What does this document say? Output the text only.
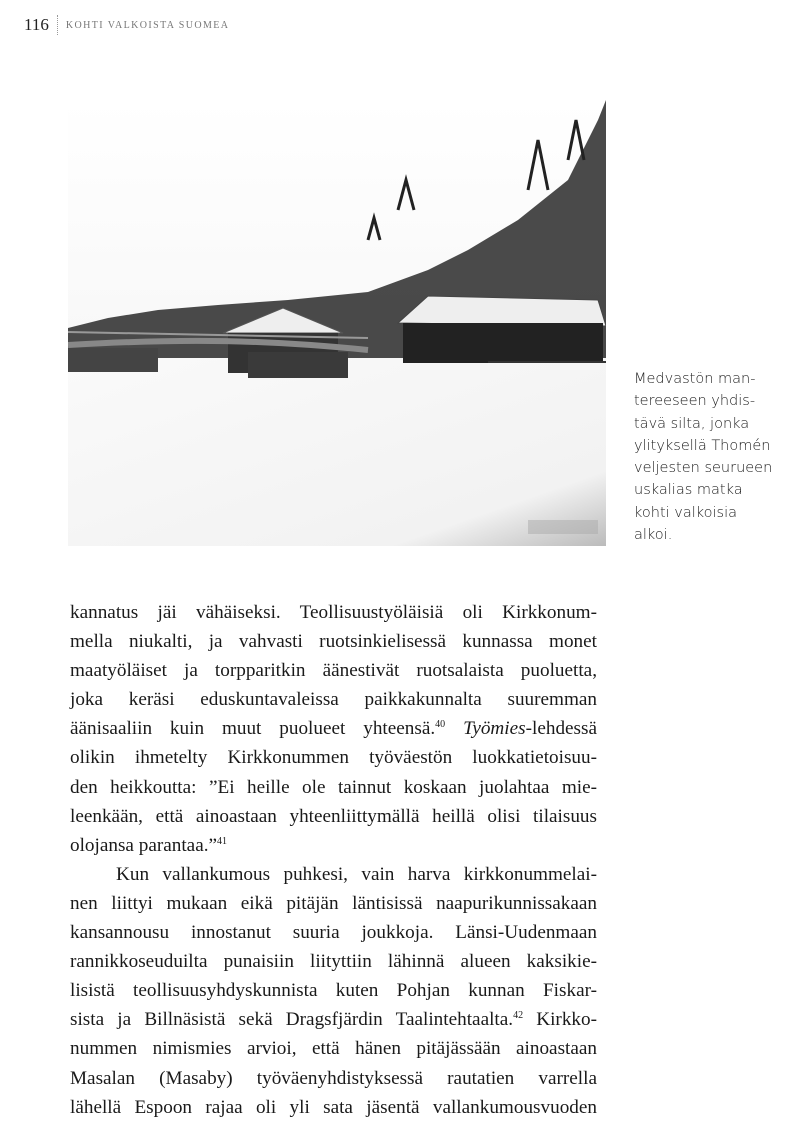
116 KOHTI VALKOISTA SUOMEA
Medvastön man-
tereeseen yhdis-
tävä silta, jonka
ylityksellä Thomén
veljesten seurueen
uskalias matka
kohti valkoisia
alkoi.
kannatus jäi vähäiseksi. Teollisuustyöläisiä oli Kirkkonum-
mella niukalti, ja vahvasti ruotsinkielisessä kunnassa monet
maatyöläiset ja torpparitkin äänestivät ruotsalaista puoluetta,
joka keräsi eduskuntavaleissa paikkakunnalta suuremman
äänisaaliin kuin muut puolueet yhteensä.$^{40}$ Työmies-lehdessä
olikin ihmetelty Kirkkonummen työväestön luokkatietoisuu-
den heikkoutta: ”Ei heille ole tainnut koskaan juolahtaa mie-
leenkään, että ainoastaan yhteenliittymällä heillä olisi tilaisuus
olojansa parantaa.”$^{41}$
Kun vallankumous puhkesi, vain harva kirkkonummelai-
nen liittyi mukaan eikä pitäjän läntisissä naapurikunnissakaan
kansannousu innostanut suuria joukkoja. Länsi-Uudenmaan
rannikkoseuduilta punaisiin liityttiin lähinnä alueen kaksikie-
lisistä teollisuusyhdyskunnista kuten Pohjan kunnan Fiskar-
sista ja Billnäsistä sekä Dragsfjärdin Taalintehtaalta.$^{42}$ Kirkko-
nummen nimismies arvioi, että hänen pitäjässään ainoastaan
Masalan (Masaby) työväenyhdistyksessä rautatien varrella
lähellä Espoon rajaa oli yli sata jäsentä vallankumousvuoden
